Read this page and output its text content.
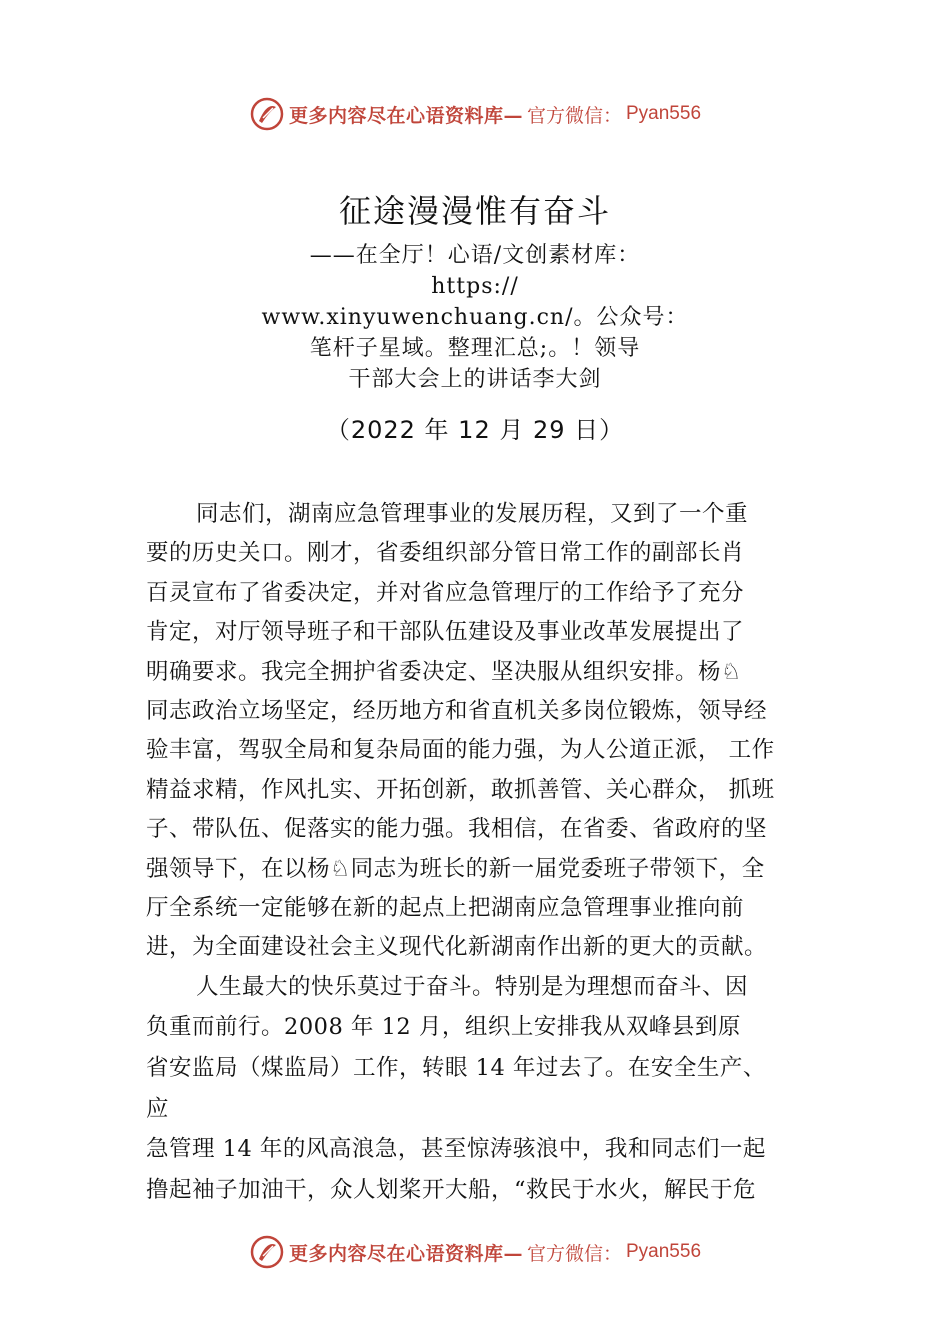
更多内容尽在心语资料库— 官方微信： Pyan556
征途漫漫惟有奋斗
——在全厅！心语/文创素材库：
https://
www.xinyuwenchuang.cn/。公众号：
笔杆子星域。整理汇总;。！领导
干部大会上的讲话李大剑
（2022 年 12 月 29 日）
同志们，湖南应急管理事业的发展历程，又到了一个重
要的历史关口。刚才，省委组织部分管日常工作的副部长肖
百灵宣布了省委决定，并对省应急管理厅的工作给予了充分
肯定，对厅领导班子和干部队伍建设及事业改革发展提出了
明确要求。我完全拥护省委决定、坚决服从组织安排。杨♘
同志政治立场坚定，经历地方和省直机关多岗位锻炼，领导经
验丰富，驾驭全局和复杂局面的能力强，为人公道正派， 工作
精益求精，作风扎实、开拓创新，敢抓善管、关心群众， 抓班
子、带队伍、促落实的能力强。我相信，在省委、省政府的坚
强领导下，在以杨♘同志为班长的新一届党委班子带领下，全
厅全系统一定能够在新的起点上把湖南应急管理事业推向前
进，为全面建设社会主义现代化新湖南作出新的更大的贡献。
人生最大的快乐莫过于奋斗。特别是为理想而奋斗、因
负重而前行。2008 年 12 月，组织上安排我从双峰县到原
省安监局（煤监局）工作，转眼 14 年过去了。在安全生产、
应
急管理 14 年的风高浪急，甚至惊涛骇浪中，我和同志们一起
撸起袖子加油干，众人划桨开大船，“救民于水火，解民于危
更多内容尽在心语资料库— 官方微信： Pyan556
